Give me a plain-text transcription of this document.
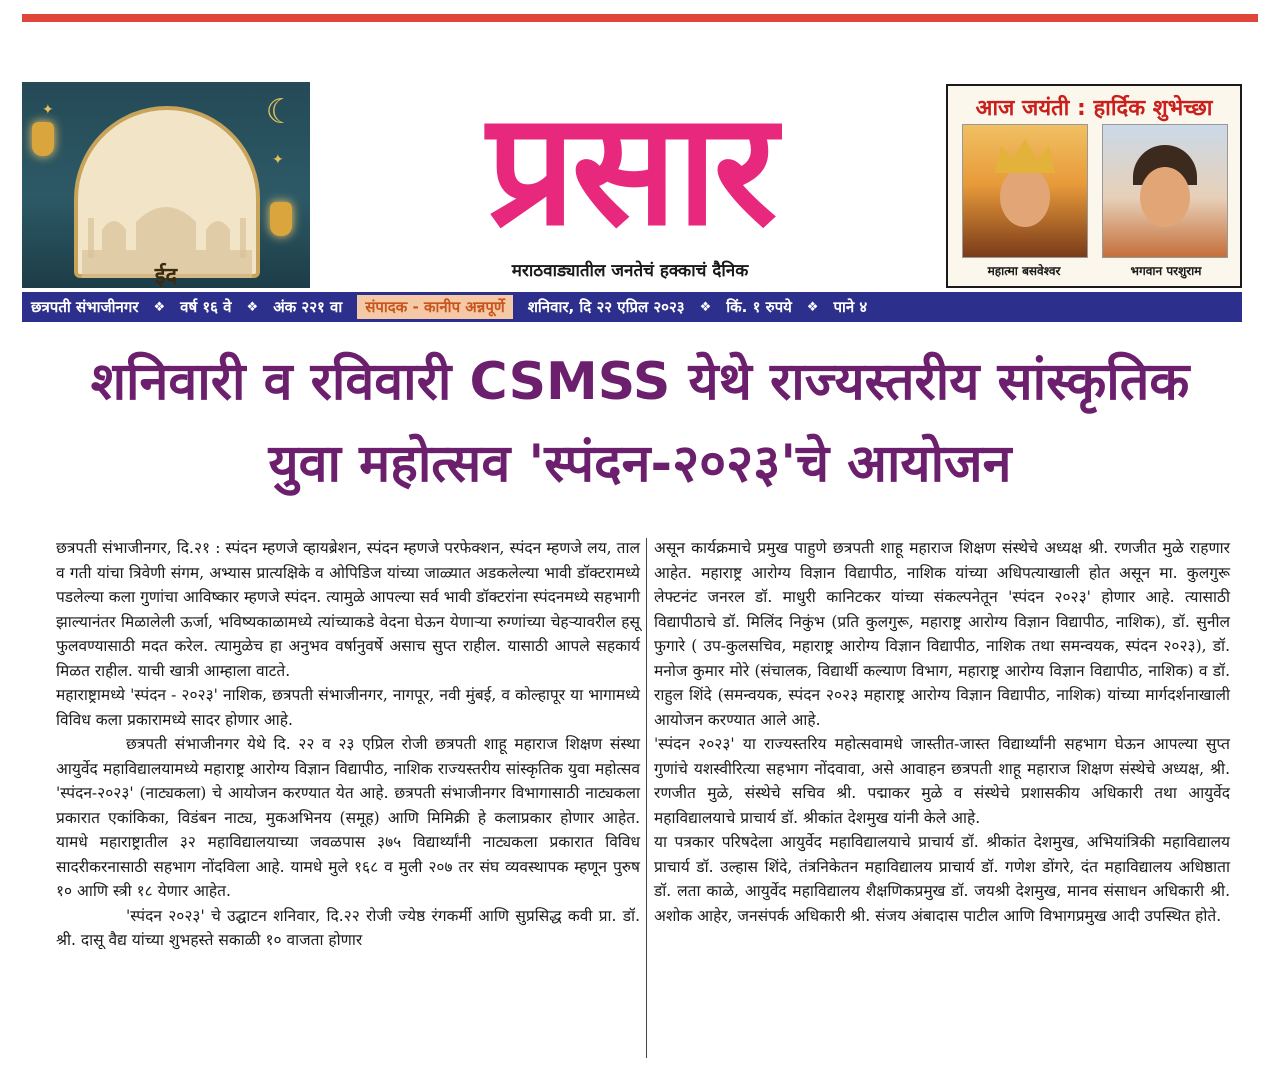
☾
✦
✦
ईद
प्रसार
मराठवाड्यातील जनतेचं हक्काचं दैनिक
आज जयंती : हार्दिक शुभेच्छा
महात्मा बसवेश्वर	भगवान परशुराम
छत्रपती संभाजीनगर	❖	वर्ष १६ वे	❖	अंक २२१ वा	संपादक - कानीप अन्नपूर्णे	शनिवार, दि २२ एप्रिल २०२३	❖	किं. १ रुपये	❖	पाने ४
शनिवारी व रविवारी CSMSS येथे राज्यस्तरीय सांस्कृतिक
युवा महोत्सव 'स्पंदन-२०२३'चे आयोजन

छत्रपती संभाजीनगर, दि.२१ : स्पंदन म्हणजे व्हायब्रेशन, स्पंदन म्हणजे परफेक्शन, स्पंदन म्हणजे लय, ताल व गती यांचा त्रिवेणी संगम, अभ्यास प्रात्यक्षिके व ओपिडिज यांच्या जाळ्यात अडकलेल्या भावी डॉक्टरामध्ये पडलेल्या कला गुणांचा आविष्कार म्हणजे स्पंदन. त्यामुळे आपल्या सर्व भावी डॉक्टरांना स्पंदनमध्ये सहभागी झाल्यानंतर मिळालेली ऊर्जा, भविष्यकाळामध्ये त्यांच्याकडे वेदना घेऊन येणाऱ्या रुग्णांच्या चेहऱ्यावरील हसू फुलवण्यासाठी मदत करेल. त्यामुळेच हा अनुभव वर्षानुवर्षे असाच सुप्त राहील. यासाठी आपले सहकार्य मिळत राहील. याची खात्री आम्हाला वाटते.

महाराष्ट्रामध्ये 'स्पंदन - २०२३' नाशिक, छत्रपती संभाजीनगर, नागपूर, नवी मुंबई, व कोल्हापूर या भागामध्ये विविध कला प्रकारामध्ये सादर होणार आहे.

छत्रपती संभाजीनगर येथे दि. २२ व २३ एप्रिल रोजी छत्रपती शाहू महाराज शिक्षण संस्था आयुर्वेद महाविद्यालयामध्ये महाराष्ट्र आरोग्य विज्ञान विद्यापीठ, नाशिक राज्यस्तरीय सांस्कृतिक युवा महोत्सव 'स्पंदन-२०२३' (नाट्यकला) चे आयोजन करण्यात येत आहे. छत्रपती संभाजीनगर विभागासाठी नाट्यकला प्रकारात एकांकिका, विडंबन नाट्य, मुकअभिनय (समूह) आणि मिमिक्री हे कलाप्रकार होणार आहेत. यामधे महाराष्ट्रातील ३२ महाविद्यालयाच्या जवळपास ३७५ विद्यार्थ्यांनी नाट्यकला प्रकारात विविध सादरीकरनासाठी सहभाग नोंदविला आहे. यामधे मुले १६८ व मुली २०७ तर संघ व्यवस्थापक म्हणून पुरुष १० आणि स्त्री १८ येणार आहेत.

'स्पंदन २०२३' चे उद्घाटन शनिवार, दि.२२ रोजी ज्येष्ठ रंगकर्मी आणि सुप्रसिद्ध कवी प्रा. डॉ. श्री. दासू वैद्य यांच्या शुभहस्ते सकाळी १० वाजता होणार

असून कार्यक्रमाचे प्रमुख पाहुणे छत्रपती शाहू महाराज शिक्षण संस्थेचे अध्यक्ष श्री. रणजीत मुळे राहणार आहेत. महाराष्ट्र आरोग्य विज्ञान विद्यापीठ, नाशिक यांच्या अधिपत्याखाली होत असून मा. कुलगुरू लेफ्टनंट जनरल डॉ. माधुरी कानिटकर यांच्या संकल्पनेतून 'स्पंदन २०२३' होणार आहे. त्यासाठी विद्यापीठाचे डॉ. मिलिंद निकुंभ (प्रति कुलगुरू, महाराष्ट्र आरोग्य विज्ञान विद्यापीठ, नाशिक), डॉ. सुनील फुगारे ( उप-कुलसचिव, महाराष्ट्र आरोग्य विज्ञान विद्यापीठ, नाशिक तथा समन्वयक, स्पंदन २०२३), डॉ. मनोज कुमार मोरे (संचालक, विद्यार्थी कल्याण विभाग, महाराष्ट्र आरोग्य विज्ञान विद्यापीठ, नाशिक) व डॉ. राहुल शिंदे (समन्वयक, स्पंदन २०२३ महाराष्ट्र आरोग्य विज्ञान विद्यापीठ, नाशिक) यांच्या मार्गदर्शनाखाली आयोजन करण्यात आले आहे.

'स्पंदन २०२३' या राज्यस्तरिय महोत्सवामधे जास्तीत-जास्त विद्यार्थ्यांनी सहभाग घेऊन आपल्या सुप्त गुणांचे यशस्वीरित्या सहभाग नोंदवावा, असे आवाहन छत्रपती शाहू महाराज शिक्षण संस्थेचे अध्यक्ष, श्री. रणजीत मुळे, संस्थेचे सचिव श्री. पद्माकर मुळे व संस्थेचे प्रशासकीय अधिकारी तथा आयुर्वेद महाविद्यालयाचे प्राचार्य डॉ. श्रीकांत देशमुख यांनी केले आहे.

या पत्रकार परिषदेला आयुर्वेद महाविद्यालयाचे प्राचार्य डॉ. श्रीकांत देशमुख, अभियांत्रिकी महाविद्यालय प्राचार्य डॉ. उल्हास शिंदे, तंत्रनिकेतन महाविद्यालय प्राचार्य डॉ. गणेश डोंगरे, दंत महाविद्यालय अधिष्ठाता डॉ. लता काळे, आयुर्वेद महाविद्यालय शैक्षणिकप्रमुख डॉ. जयश्री देशमुख, मानव संसाधन अधिकारी श्री. अशोक आहेर, जनसंपर्क अधिकारी श्री. संजय अंबादास पाटील आणि विभागप्रमुख आदी उपस्थित होते.
